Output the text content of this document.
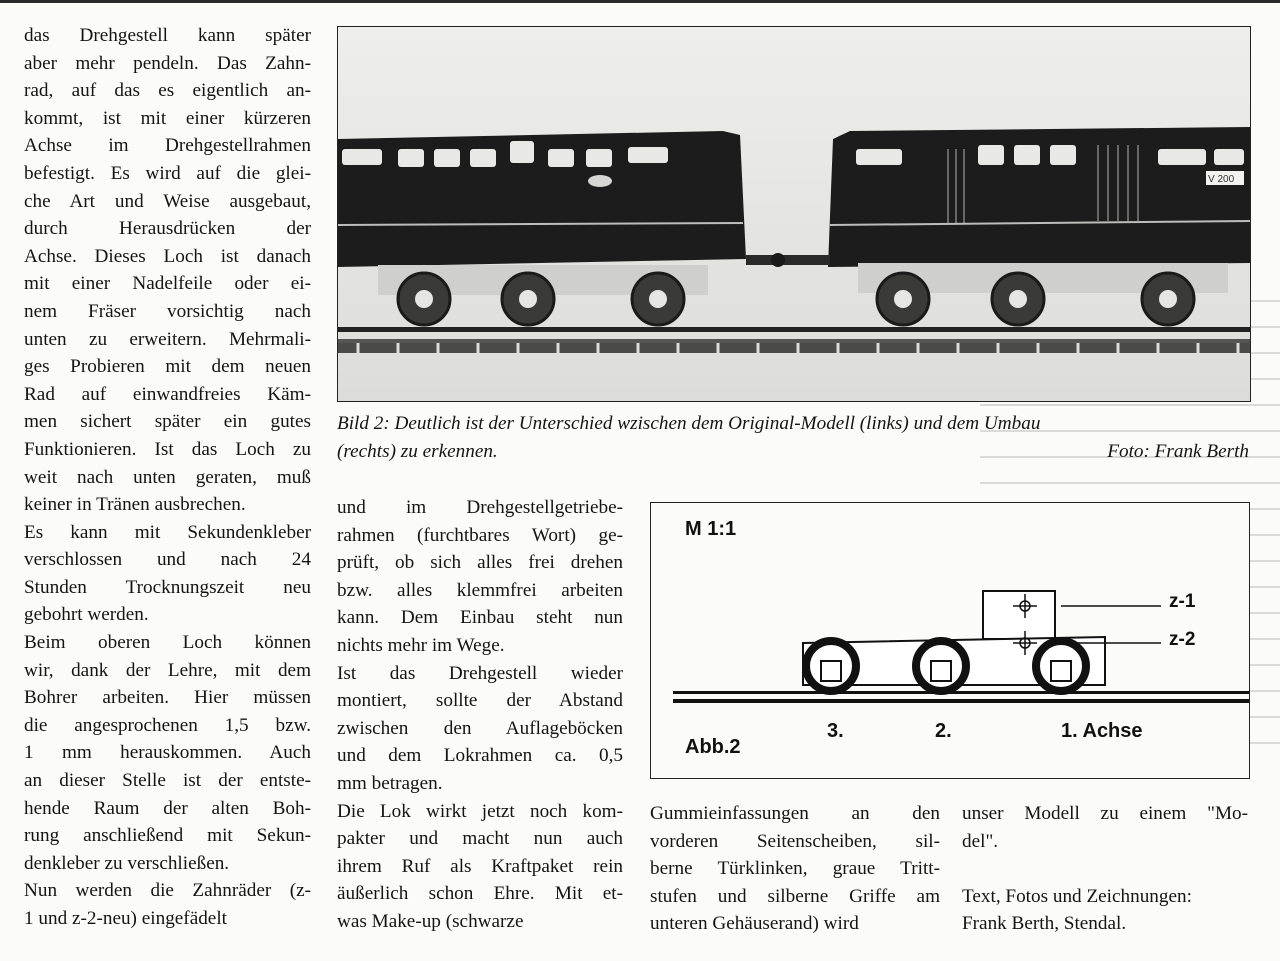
das Drehgestell kann später
aber mehr pendeln. Das Zahn-
rad, auf das es eigentlich an-
kommt, ist mit einer kürzeren
Achse im Drehgestellrahmen
befestigt. Es wird auf die glei-
che Art und Weise ausgebaut,
durch Herausdrücken der
Achse. Dieses Loch ist danach
mit einer Nadelfeile oder ei-
nem Fräser vorsichtig nach
unten zu erweitern. Mehrmali-
ges Probieren mit dem neuen
Rad auf einwandfreies Käm-
men sichert später ein gutes
Funktionieren. Ist das Loch zu
weit nach unten geraten, muß
keiner in Tränen ausbrechen.
Es kann mit Sekundenkleber
verschlossen und nach 24
Stunden Trocknungszeit neu
gebohrt werden.
Beim oberen Loch können
wir, dank der Lehre, mit dem
Bohrer arbeiten. Hier müssen
die angesprochenen 1,5 bzw.
1 mm herauskommen. Auch
an dieser Stelle ist der entste-
hende Raum der alten Boh-
rung anschließend mit Sekun-
denkleber zu verschließen.
Nun werden die Zahnräder (z-
1 und z-2-neu) eingefädelt
V 200
Bild 2: Deutlich ist der Unterschied wzischen dem Original-Modell (links) und dem Umbau
(rechts) zu erkennen.	Foto: Frank Berth
und im Drehgestellgetriebe-
rahmen (furchtbares Wort) ge-
prüft, ob sich alles frei drehen
bzw. alles klemmfrei arbeiten
kann. Dem Einbau steht nun
nichts mehr im Wege.
Ist das Drehgestell wieder
montiert, sollte der Abstand
zwischen den Auflageböcken
und dem Lokrahmen ca. 0,5
mm betragen.
Die Lok wirkt jetzt noch kom-
pakter und macht nun auch
ihrem Ruf als Kraftpaket rein
äußerlich schon Ehre. Mit et-
was Make-up (schwarze
M 1:1
Abb.2
z-1
z-2
3.	2.	1. Achse
Gummieinfassungen an den
vorderen Seitenscheiben, sil-
berne Türklinken, graue Tritt-
stufen und silberne Griffe am
unteren Gehäuserand) wird
unser Modell zu einem "Mo-
del".

Text, Fotos und Zeichnungen:
Frank Berth, Stendal.
